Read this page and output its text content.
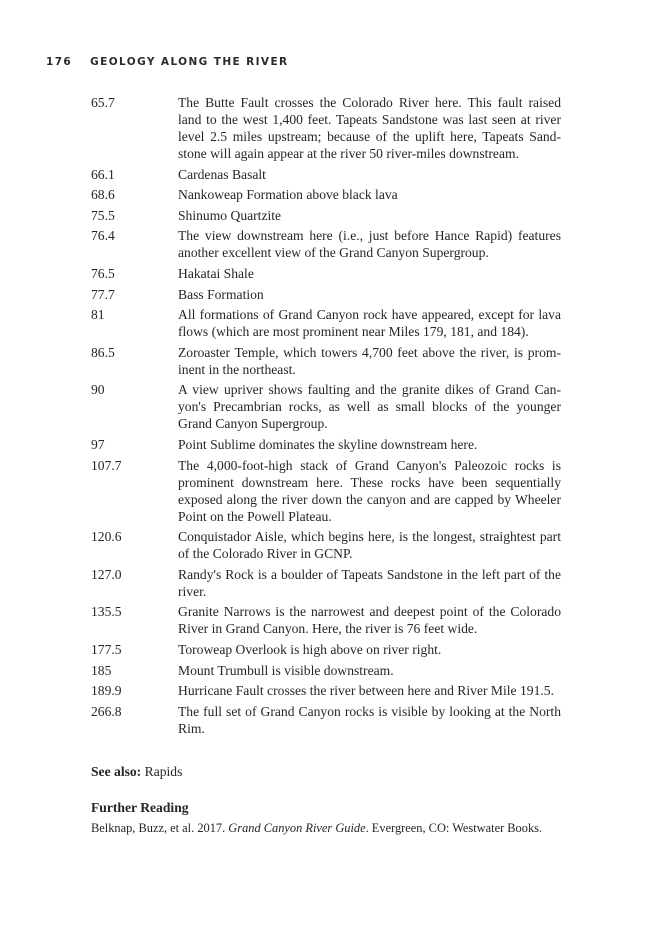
176 GEOLOGY ALONG THE RIVER
65.7	The Butte Fault crosses the Colorado River here. This fault raised land to the west 1,400 feet. Tapeats Sandstone was last seen at river level 2.5 miles upstream; because of the uplift here, Tapeats Sandstone will again appear at the river 50 river-miles downstream.
66.1	Cardenas Basalt
68.6	Nankoweap Formation above black lava
75.5	Shinumo Quartzite
76.4	The view downstream here (i.e., just before Hance Rapid) features another excellent view of the Grand Canyon Supergroup.
76.5	Hakatai Shale
77.7	Bass Formation
81	All formations of Grand Canyon rock have appeared, except for lava flows (which are most prominent near Miles 179, 181, and 184).
86.5	Zoroaster Temple, which towers 4,700 feet above the river, is prominent in the northeast.
90	A view upriver shows faulting and the granite dikes of Grand Canyon's Precambrian rocks, as well as small blocks of the younger Grand Canyon Supergroup.
97	Point Sublime dominates the skyline downstream here.
107.7	The 4,000-foot-high stack of Grand Canyon's Paleozoic rocks is prominent downstream here. These rocks have been sequentially exposed along the river down the canyon and are capped by Wheeler Point on the Powell Plateau.
120.6	Conquistador Aisle, which begins here, is the longest, straightest part of the Colorado River in GCNP.
127.0	Randy's Rock is a boulder of Tapeats Sandstone in the left part of the river.
135.5	Granite Narrows is the narrowest and deepest point of the Colorado River in Grand Canyon. Here, the river is 76 feet wide.
177.5	Toroweap Overlook is high above on river right.
185	Mount Trumbull is visible downstream.
189.9	Hurricane Fault crosses the river between here and River Mile 191.5.
266.8	The full set of Grand Canyon rocks is visible by looking at the North Rim.
See also: Rapids
Further Reading
Belknap, Buzz, et al. 2017. Grand Canyon River Guide. Evergreen, CO: Westwater Books.
